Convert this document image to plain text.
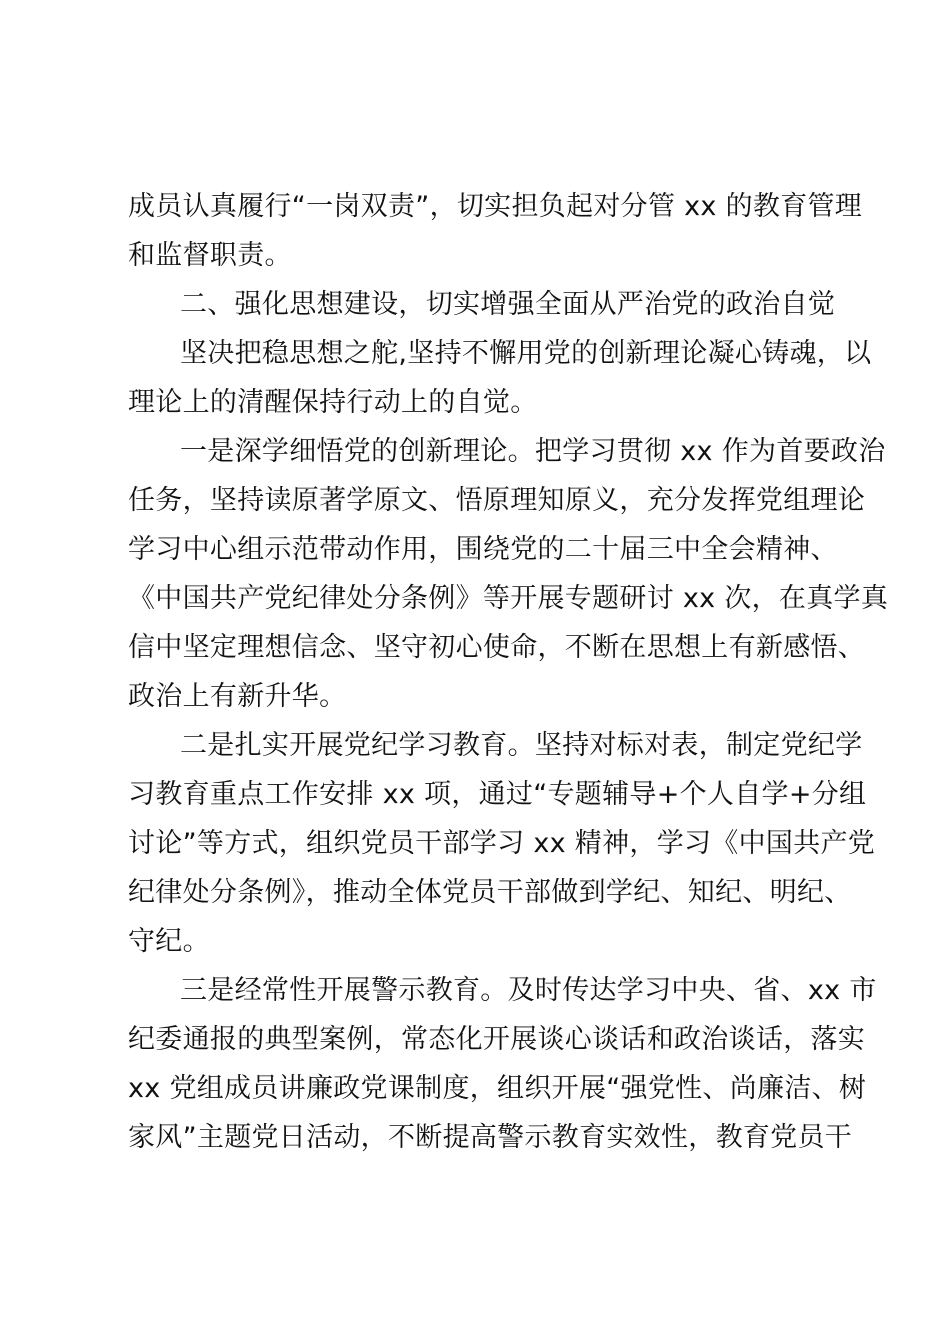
成员认真履行“一岗双责”，切实担负起对分管 xx 的教育管理
和监督职责。
二、强化思想建设，切实增强全面从严治党的政治自觉
坚决把稳思想之舵,坚持不懈用党的创新理论凝心铸魂，以
理论上的清醒保持行动上的自觉。
一是深学细悟党的创新理论。把学习贯彻 xx 作为首要政治
任务，坚持读原著学原文、悟原理知原义，充分发挥党组理论
学习中心组示范带动作用，围绕党的二十届三中全会精神、
《中国共产党纪律处分条例》等开展专题研讨 xx 次，在真学真
信中坚定理想信念、坚守初心使命，不断在思想上有新感悟、
政治上有新升华。
二是扎实开展党纪学习教育。坚持对标对表，制定党纪学
习教育重点工作安排 xx 项，通过“专题辅导+个人自学+分组
讨论”等方式，组织党员干部学习 xx 精神，学习《中国共产党
纪律处分条例》，推动全体党员干部做到学纪、知纪、明纪、
守纪。
三是经常性开展警示教育。及时传达学习中央、省、xx 市
纪委通报的典型案例，常态化开展谈心谈话和政治谈话，落实
xx 党组成员讲廉政党课制度，组织开展“强党性、尚廉洁、树
家风”主题党日活动，不断提高警示教育实效性，教育党员干
